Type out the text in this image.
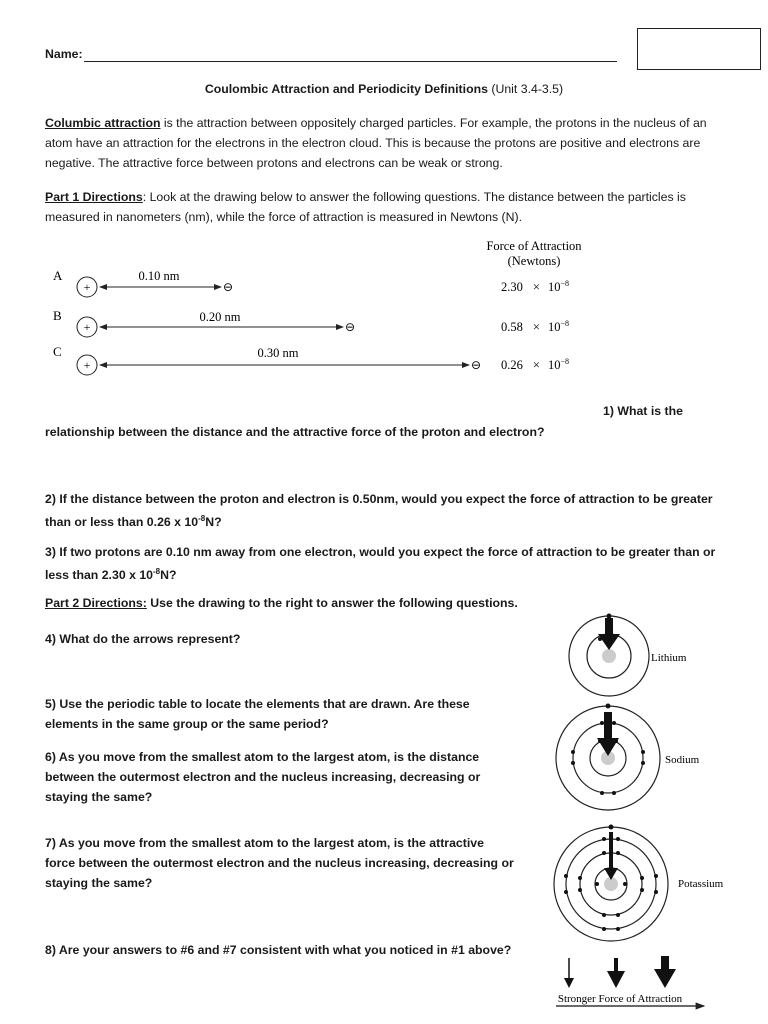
Name:
Coulombic Attraction and Periodicity Definitions (Unit 3.4-3.5)
Columbic attraction is the attraction between oppositely charged particles. For example, the protons in the nucleus of an atom have an attraction for the electrons in the electron cloud. This is because the protons are positive and electrons are negative. The attractive force between protons and electrons can be weak or strong.
Part 1 Directions: Look at the drawing below to answer the following questions. The distance between the particles is measured in nanometers (nm), while the force of attraction is measured in Newtons (N).
Force of Attraction
(Newtons)
A
+
0.10 nm
⊖	$2.30 \times 10^{-8}$
B
+
0.20 nm
⊖	$0.58 \times 10^{-8}$
C
+
0.30 nm
⊖ $0.26 \times 10^{-8}$
1) What is the
relationship between the distance and the attractive force of the proton and electron?
2) If the distance between the proton and electron is 0.50nm, would you expect the force of attraction to be greater than or less than 0.26 x $10^{-8}N$?
3) If two protons are 0.10 nm away from one electron, would you expect the force of attraction to be greater than or less than 2.30 x $10^{-8}N$?
Part 2 Directions: Use the drawing to the right to answer the following questions.
4) What do the arrows represent?
5) Use the periodic table to locate the elements that are drawn. Are these elements in the same group or the same period?
6) As you move from the smallest atom to the largest atom, is the distance between the outermost electron and the nucleus increasing, decreasing or staying the same?
7) As you move from the smallest atom to the largest atom, is the attractive force between the outermost electron and the nucleus increasing, decreasing or staying the same?
8) Are your answers to #6 and #7 consistent with what you noticed in #1 above?
Lithium
Sodium
Potassium
Stronger Force of Attraction
